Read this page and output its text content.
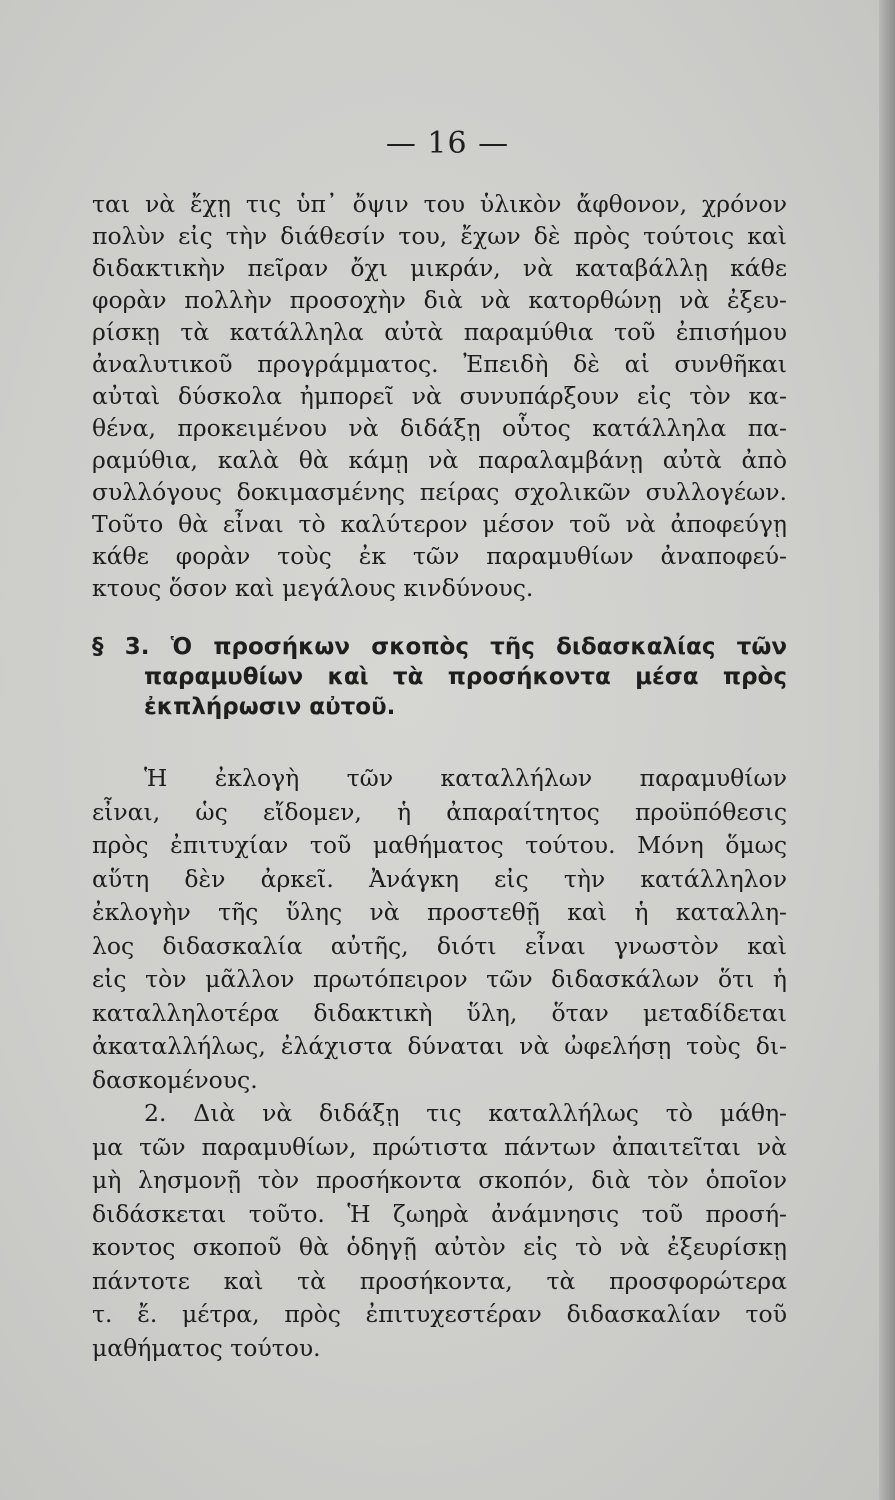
— 16 —
ται νὰ ἔχῃ τις ὑπ᾽ ὄψιν του ὑλικὸν ἄφθονον, χρόνον
πολὺν εἰς τὴν διάθεσίν του, ἔχων δὲ πρὸς τούτοις καὶ
διδακτικὴν πεῖραν ὄχι μικράν, νὰ καταβάλλῃ κάθε
φορὰν πολλὴν προσοχὴν διὰ νὰ κατορθώνῃ νὰ ἐξευ-
ρίσκῃ τὰ κατάλληλα αὐτὰ παραμύθια τοῦ ἐπισήμου
ἀναλυτικοῦ προγράμματος. Ἐπειδὴ δὲ αἱ συνθῆκαι
αὐταὶ δύσκολα ἠμπορεῖ νὰ συνυπάρξουν εἰς τὸν κα-
θένα, προκειμένου νὰ διδάξῃ οὗτος κατάλληλα πα-
ραμύθια, καλὰ θὰ κάμῃ νὰ παραλαμβάνῃ αὐτὰ ἀπὸ
συλλόγους δοκιμασμένης πείρας σχολικῶν συλλογέων.
Τοῦτο θὰ εἶναι τὸ καλύτερον μέσον τοῦ νὰ ἀποφεύγῃ
κάθε φορὰν τοὺς ἐκ τῶν παραμυθίων ἀναποφεύ-
κτους ὅσον καὶ μεγάλους κινδύνους.
§ 3. Ὁ προσήκων σκοπὸς τῆς διδασκαλίας τῶν
παραμυθίων καὶ τὰ προσήκοντα μέσα πρὸς
ἐκπλήρωσιν αὐτοῦ.
Ἡ ἐκλογὴ τῶν καταλλήλων παραμυθίων
εἶναι, ὡς εἴδομεν, ἡ ἀπαραίτητος προϋπόθεσις
πρὸς ἐπιτυχίαν τοῦ μαθήματος τούτου. Μόνη ὅμως
αὕτη δὲν ἀρκεῖ. Ἀνάγκη εἰς τὴν κατάλληλον
ἐκλογὴν τῆς ὕλης νὰ προστεθῇ καὶ ἡ καταλλη-
λος διδασκαλία αὐτῆς, διότι εἶναι γνωστὸν καὶ
εἰς τὸν μᾶλλον πρωτόπειρον τῶν διδασκάλων ὅτι ἡ
καταλληλοτέρα διδακτικὴ ὕλη, ὅταν μεταδίδεται
ἀκαταλλήλως, ἐλάχιστα δύναται νὰ ὠφελήσῃ τοὺς δι-
δασκομένους.
2. Διὰ νὰ διδάξῃ τις καταλλήλως τὸ μάθη-
μα τῶν παραμυθίων, πρώτιστα πάντων ἀπαιτεῖται νὰ
μὴ λησμονῇ τὸν προσήκοντα σκοπόν, διὰ τὸν ὁποῖον
διδάσκεται τοῦτο. Ἡ ζωηρὰ ἀνάμνησις τοῦ προσή-
κοντος σκοποῦ θὰ ὁδηγῇ αὐτὸν εἰς τὸ νὰ ἐξευρίσκῃ
πάντοτε καὶ τὰ προσήκοντα, τὰ προσφορώτερα
τ. ἔ. μέτρα, πρὸς ἐπιτυχεστέραν διδασκαλίαν τοῦ
μαθήματος τούτου.
